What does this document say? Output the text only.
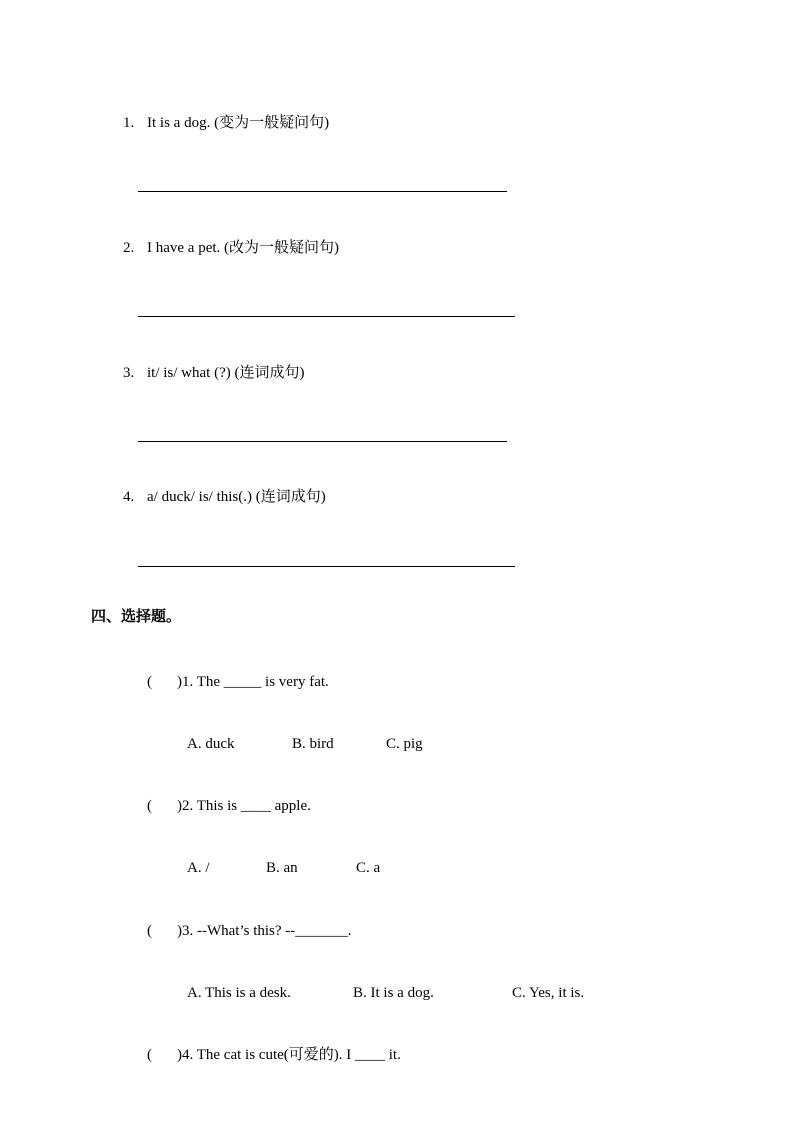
1. It is a dog. (变为一般疑问句)
2. I have a pet. (改为一般疑问句)
3. it/ is/ what (?) (连词成句)
4. a/ duck/ is/ this(.) (连词成句)
四、选择题。
( )1. The _____ is very fat.
A. duck	B. bird	C. pig
( )2. This is ____ apple.
A. /	B. an	C. a
( )3. --What’s this? --_______.
A. This is a desk.	B. It is a dog.	C. Yes, it is.
( )4. The cat is cute(可爱的). I ____ it.
